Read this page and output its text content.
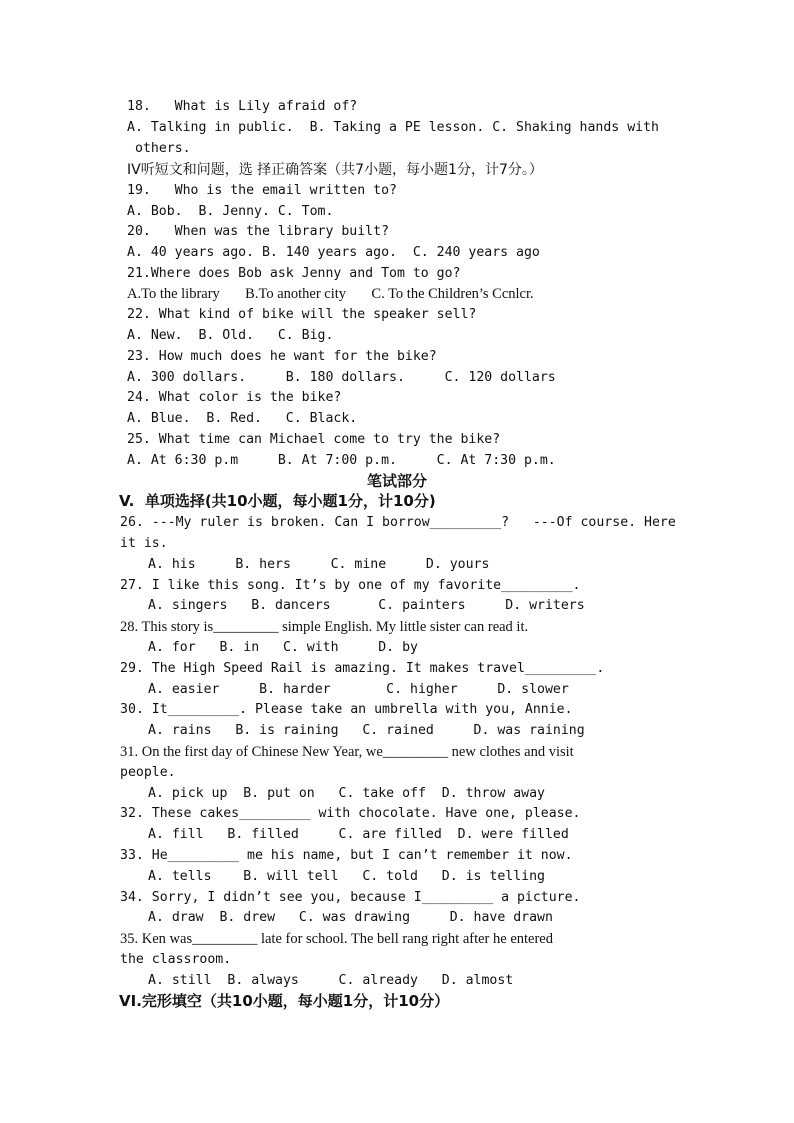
18.   What is Lily afraid of?
A. Talking in public.  B. Taking a PE lesson. C. Shaking hands with
others.
IV听短文和问题，选 择正确答案（共7小题，每小题1分，计7分。）
19.   Who is the email written to?
A. Bob.  B. Jenny. C. Tom.
20.   When was the library built?
A. 40 years ago. B. 140 years ago.  C. 240 years ago
21.Where does Bob ask Jenny and Tom to go?
A.To the library       B.To another city       C. To the Children’s Ccnlcr.
22. What kind of bike will the speaker sell?
A. New.  B. Old.   C. Big.
23. How much does he want for the bike?
A. 300 dollars.     B. 180 dollars.     C. 120 dollars
24. What color is the bike?
A. Blue.  B. Red.   C. Black.
25. What time can Michael come to try the bike?
A. At 6:30 p.m     B. At 7:00 p.m.     C. At 7:30 p.m.
笔试部分
V.  单项选择(共10小题，每小题1分，计10分)
26. ---My ruler is broken. Can I borrow_________?   ---Of course. Here
it is.
A. his     B. hers     C. mine     D. yours
27. I like this song. It’s by one of my favorite_________.
A. singers   B. dancers      C. painters     D. writers
28. This story is_________ simple English. My little sister can read it.
A. for   B. in   C. with     D. by
29. The High Speed Rail is amazing. It makes travel_________.
A. easier     B. harder       C. higher     D. slower
30. It_________. Please take an umbrella with you, Annie.
A. rains   B. is raining   C. rained     D. was raining
31. On the first day of Chinese New Year, we_________ new clothes and visit
people.
A. pick up  B. put on   C. take off  D. throw away
32. These cakes_________ with chocolate. Have one, please.
A. fill   B. filled     C. are filled  D. were filled
33. He_________ me his name, but I can’t remember it now.
A. tells    B. will tell   C. told   D. is telling
34. Sorry, I didn’t see you, because I_________ a picture.
A. draw  B. drew   C. was drawing     D. have drawn
35. Ken was_________ late for school. The bell rang right after he entered
the classroom.
A. still  B. always     C. already   D. almost
VI.完形填空（共10小题，每小题1分，计10分）
